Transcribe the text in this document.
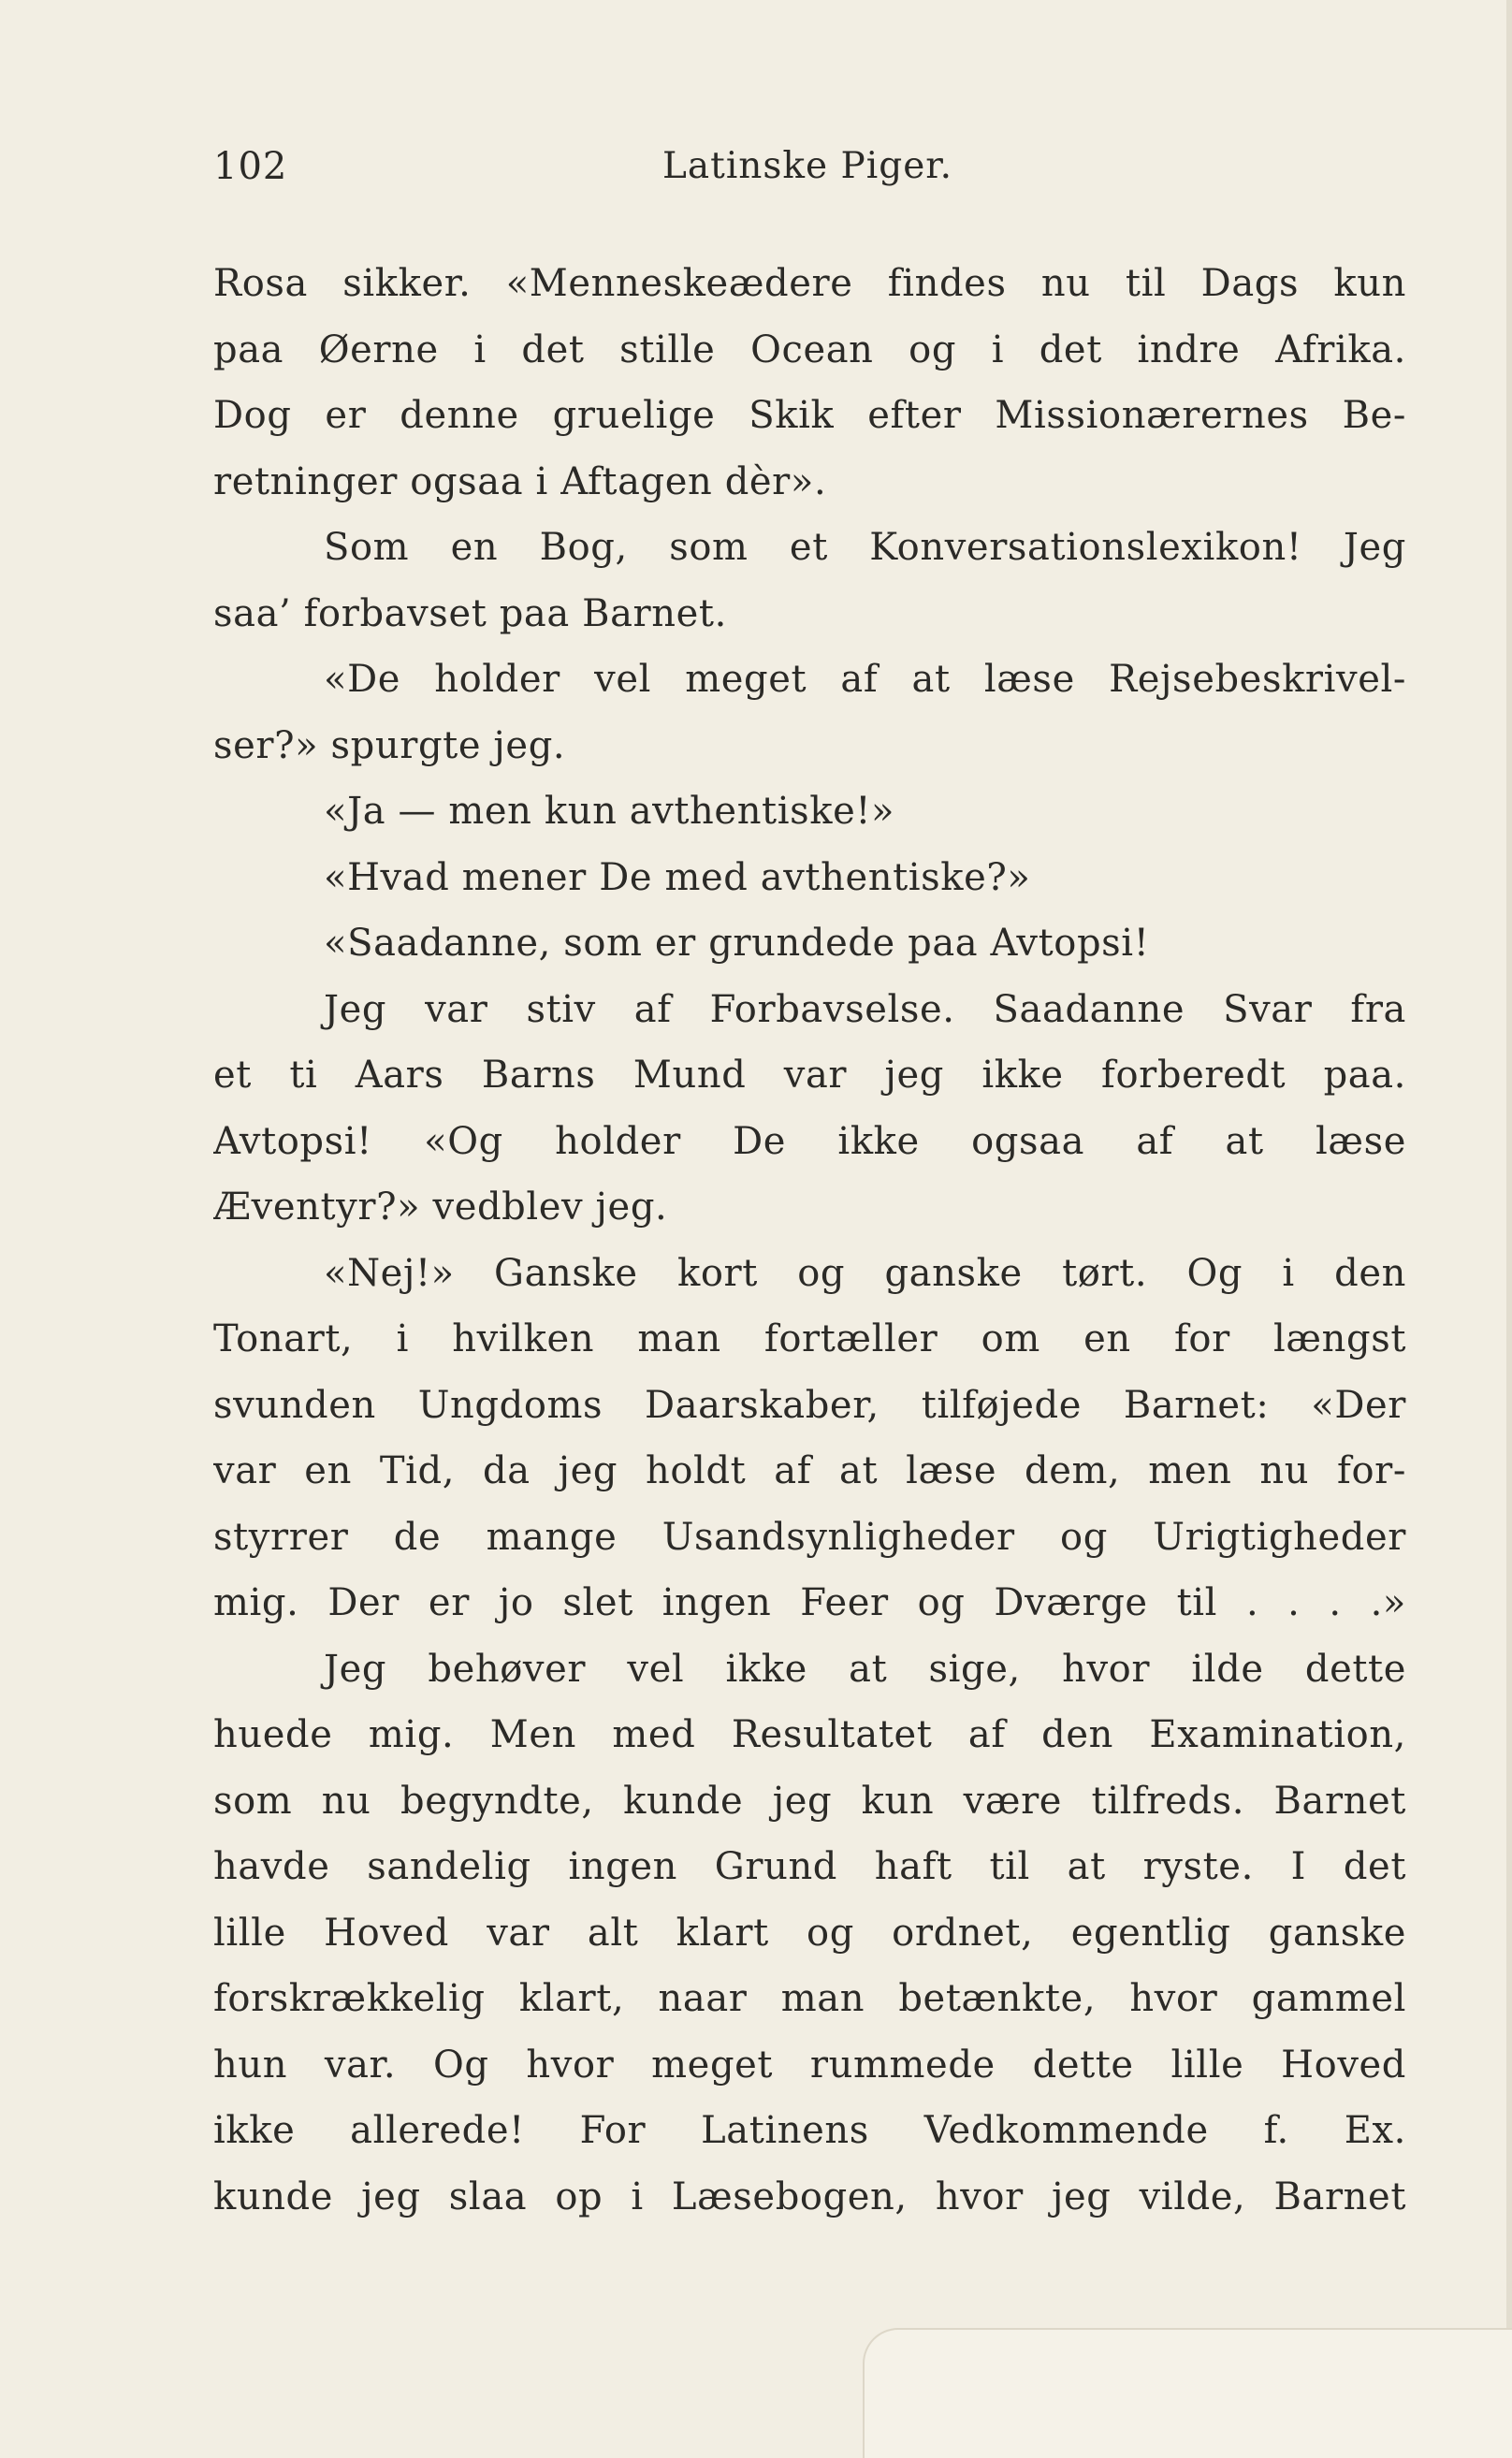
102	Latinske Piger.
Rosa sikker. «Menneskeædere findes nu til Dags kun
paa Øerne i det stille Ocean og i det indre Afrika.
Dog er denne gruelige Skik efter Missionærernes Be-
retninger ogsaa i Aftagen dèr».
Som en Bog, som et Konversationslexikon! Jeg
saa’ forbavset paa Barnet.
«De holder vel meget af at læse Rejsebeskrivel-
ser?» spurgte jeg.
«Ja — men kun avthentiske!»
«Hvad mener De med avthentiske?»
«Saadanne, som er grundede paa Avtopsi!
Jeg var stiv af Forbavselse. Saadanne Svar fra
et ti Aars Barns Mund var jeg ikke forberedt paa.
Avtopsi! «Og holder De ikke ogsaa af at læse
Æventyr?» vedblev jeg.
«Nej!» Ganske kort og ganske tørt. Og i den
Tonart, i hvilken man fortæller om en for længst
svunden Ungdoms Daarskaber, tilføjede Barnet: «Der
var en Tid, da jeg holdt af at læse dem, men nu for-
styrrer de mange Usandsynligheder og Urigtigheder
mig. Der er jo slet ingen Feer og Dværge til . . . .»
Jeg behøver vel ikke at sige, hvor ilde dette
huede mig. Men med Resultatet af den Examination,
som nu begyndte, kunde jeg kun være tilfreds. Barnet
havde sandelig ingen Grund haft til at ryste. I det
lille Hoved var alt klart og ordnet, egentlig ganske
forskrækkelig klart, naar man betænkte, hvor gammel
hun var. Og hvor meget rummede dette lille Hoved
ikke allerede! For Latinens Vedkommende f. Ex.
kunde jeg slaa op i Læsebogen, hvor jeg vilde, Barnet
